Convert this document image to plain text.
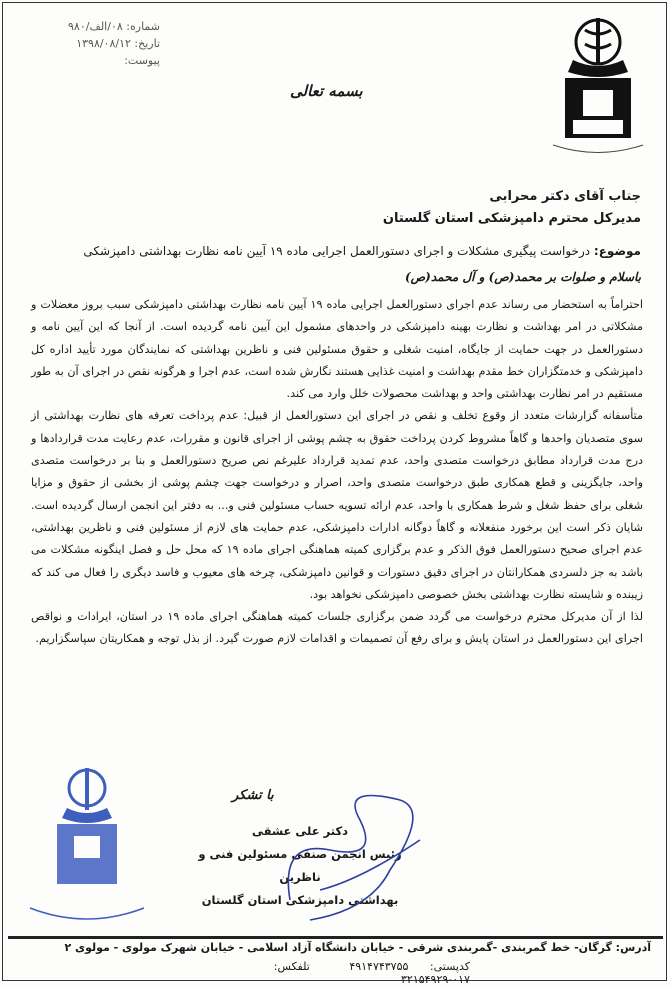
شماره: ۰۸/الف/۹۸۰
تاریخ: ۱۳۹۸/۰۸/۱۲
پیوست:
بسمه تعالی
جناب آقای دکتر محرابی
مدیرکل محترم دامپزشکی استان گلستان
موضوع: درخواست پیگیری مشکلات و اجرای دستورالعمل اجرایی ماده ۱۹ آیین نامه نظارت بهداشتی دامپزشکی
باسلام و صلوات بر محمد(ص) و آل محمد(ص)

احتراماً به استحضار می رساند عدم اجرای دستورالعمل اجرایی ماده ۱۹ آیین نامه نظارت بهداشتی دامپزشکی سبب بروز معضلات و مشکلاتی در امر بهداشت و نظارت بهینه دامپزشکی در واحدهای مشمول این آیین نامه گردیده است. از آنجا که این آیین نامه و دستورالعمل در جهت حمایت از جایگاه، امنیت شغلی و حقوق مسئولین فنی و ناظرین بهداشتی که نمایندگان مورد تأیید اداره کل دامپزشکی و خدمتگزاران خط مقدم بهداشت و امنیت غذایی هستند نگارش شده است، عدم اجرا و هرگونه نقص در اجرای آن به طور مستقیم در امر نظارت بهداشتی واحد و بهداشت محصولات خلل وارد می کند.

متأسفانه گزارشات متعدد از وقوع تخلف و نقص در اجرای این دستورالعمل از قبیل: عدم پرداخت تعرفه های نظارت بهداشتی از سوی متصدیان واحدها و گاهاً مشروط کردن پرداخت حقوق به چشم پوشی از اجرای قانون و مقررات، عدم رعایت مدت قراردادها و درج مدت قرارداد مطابق درخواست متصدی واحد، عدم تمدید قرارداد علیرغم نص صریح دستورالعمل و بنا بر درخواست متصدی واحد، جایگزینی و قطع همکاری طبق درخواست متصدی واحد، اصرار و درخواست جهت چشم پوشی از بخشی از حقوق و مزایا شغلی برای حفظ شغل و شرط همکاری با واحد، عدم ارائه تسویه حساب مسئولین فنی و... به دفتر این انجمن ارسال گردیده است. شایان ذکر است این برخورد منفعلانه و گاهاً دوگانه ادارات دامپزشکی، عدم حمایت های لازم از مسئولین فنی و ناظرین بهداشتی، عدم اجرای صحیح دستورالعمل فوق الذکر و عدم برگزاری کمیته هماهنگی اجرای ماده ۱۹ که محل حل و فصل اینگونه مشکلات می باشد به جز دلسردی همکارانتان در اجرای دقیق دستورات و قوانین دامپزشکی، چرخه های معیوب و فاسد دیگری را فعال می کند که زیبنده و شایسته نظارت بهداشتی بخش خصوصی دامپزشکی نخواهد بود.

لذا از آن مدیرکل محترم درخواست می گردد ضمن برگزاری جلسات کمیته هماهنگی اجرای ماده ۱۹ در استان، ایرادات و نواقص اجرای این دستورالعمل در استان پایش و برای رفع آن تصمیمات و اقدامات لازم صورت گیرد. از بذل توجه و همکاریتان سپاسگزاریم.

با تشکر
دکتر علی عشقی
رئیس انجمن صنفی مسئولین فنی و ناظرین
بهداشتی دامپزشکی استان گلستان
آدرس: گرگان- خط گمربندی -گمربندی شرقی - خیابان دانشگاه آزاد اسلامی - خیابان شهرک مولوی - مولوی ۲
کدپستی: ۴۹۱۴۷۴۳۷۵۵ تلفکس: ۰۱۷-۳۲۱۵۴۹۲۹
